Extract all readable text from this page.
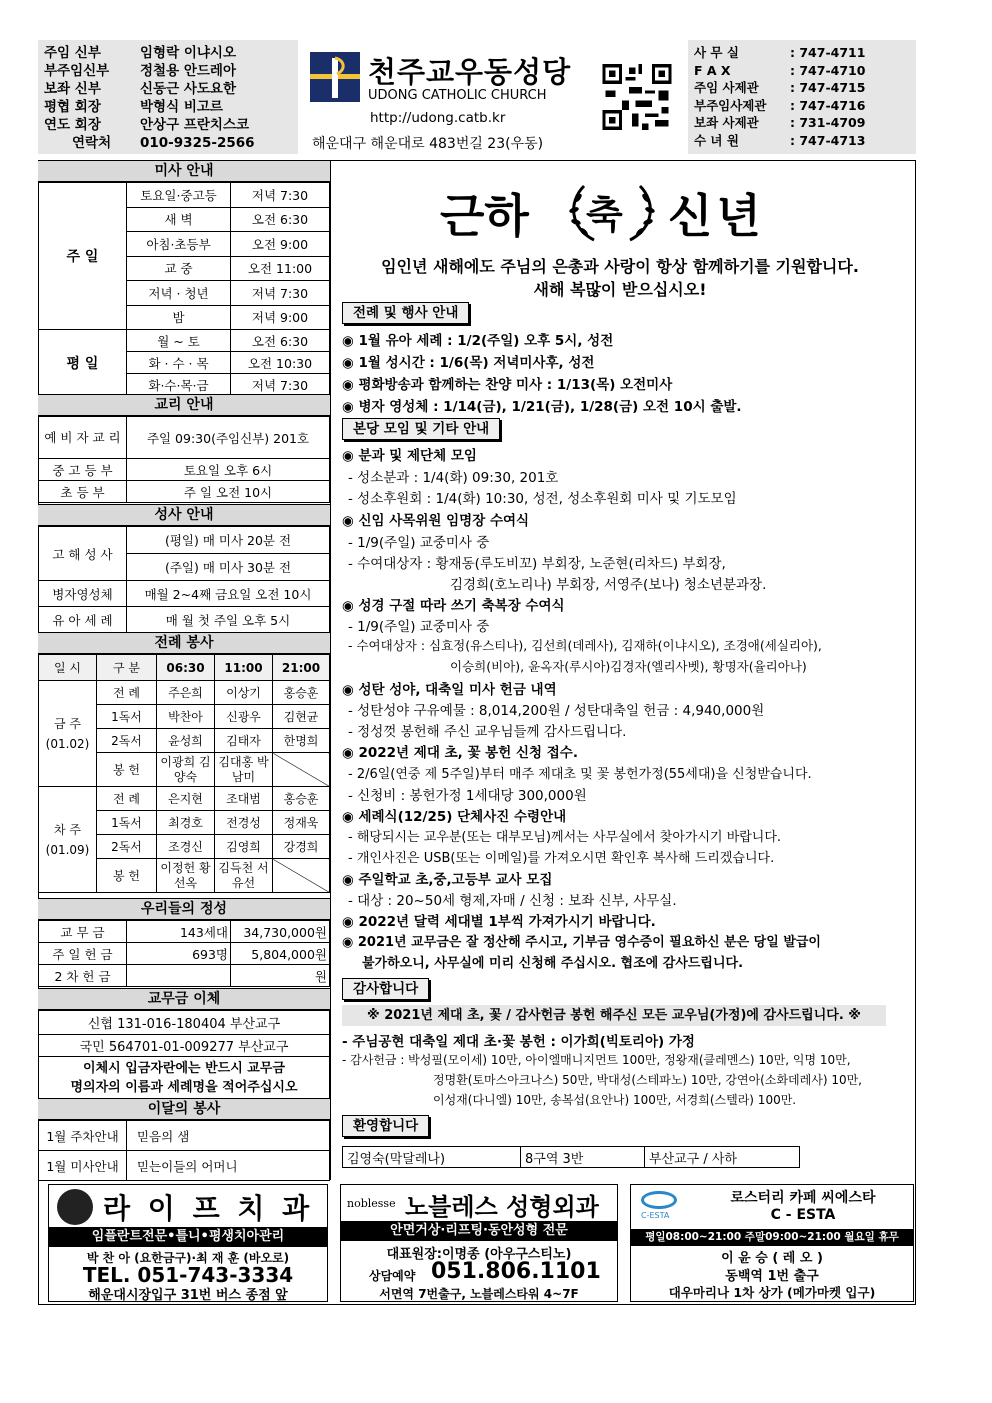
주임 신부	임형락 이냐시오
부주임신부 정철용 안드레아
보좌 신부	신동근 사도요한
평협 회장	박형식 비고르
연도 회장	안상구 프란치스코
연락처 010-9325-2566
천주교우동성당
UDONG CATHOLIC CHURCH
http://udong.catb.kr
해운대구 해운대로 483번길 23(우동)
사 무 실	: 747-4711
F A X	: 747-4710
주임 사제관	: 747-4715
부주임사제관 : 747-4716
보좌 사제관	: 731-4709
수 녀 원	: 747-4713
미사 안내
주 일	토요일·중고등	저녁 7:30
	새 벽	오전 6:30
	아침·초등부	오전 9:00
	교 중	오전 11:00
	저녁 · 청년	저녁 7:30
	밤	저녁 9:00
평 일	월 ~ 토	오전 6:30
	화 · 수 · 목	오전 10:30
	화·수·목·금	저녁 7:30
교리 안내
예 비 자 교 리	주일 09:30(주임신부) 201호
중 고 등 부	토요일 오후 6시
초 등 부	주 일 오전 10시
성사 안내
고 해 성 사	(평일) 매 미사 20분 전
	(주일) 매 미사 30분 전
병자영성체	매월 2~4째 금요일 오전 10시
유 아 세 례	매 월 첫 주일 오후 5시
전례 봉사
일 시	구 분	06:30	11:00	21:00

금 주
(01.02)	전 례	주은희	이상기	홍승훈
	1독서	박찬아	신광우	김현균
	2독서	윤성희	김태자	한명희
	봉 헌	이광희 김양숙	김대홍 박남미	

차 주
(01.09)	전 례	은지현	조대범	홍승훈
	1독서	최경호	전경성	정재욱
	2독서	조경신	김영희	강경희
	봉 헌	이정헌 황선옥	김득천 서유선	
우리들의 정성
교 무 금	143세대	34,730,000원
주 일 헌 금	693명	5,804,000원
2 차 헌 금		원
교무금 이체
신협 131-016-180404 부산교구
국민 564701-01-009277 부산교구

이체시 입금자란에는 반드시 교무금
명의자의 이름과 세례명을 적어주십시오
이달의 봉사
1월 주차안내	믿음의 샘
1월 미사안내	믿는이들의 어머니
근하 축 신년
임인년 새해에도 주님의 은총과 사랑이 항상 함께하기를 기원합니다.
새해 복많이 받으십시오!
전례 및 행사 안내
◉ 1월 유아 세례 : 1/2(주일) 오후 5시, 성전
◉ 1월 성시간 : 1/6(목) 저녁미사후, 성전
◉ 평화방송과 함께하는 찬양 미사 : 1/13(목) 오전미사
◉ 병자 영성체 : 1/14(금), 1/21(금), 1/28(금) 오전 10시 출발.
본당 모임 및 기타 안내
◉ 분과 및 제단체 모임
- 성소분과 : 1/4(화) 09:30, 201호
- 성소후원회 : 1/4(화) 10:30, 성전, 성소후원회 미사 및 기도모임
◉ 신임 사목위원 임명장 수여식
- 1/9(주일) 교중미사 중
- 수여대상자 : 황재동(루도비꼬) 부회장, 노준현(리차드) 부회장,
김경희(호노리나) 부회장, 서영주(보나) 청소년분과장.
◉ 성경 구절 따라 쓰기 축복장 수여식
- 1/9(주일) 교중미사 중
- 수여대상자 : 심효정(유스티나), 김선희(데레사), 김재하(이냐시오), 조경애(세실리아),
이승희(비아), 윤옥자(루시아)김경자(엘리사벳), 황명자(율리아나)
◉ 성탄 성야, 대축일 미사 헌금 내역
- 성탄성야 구유예물 : 8,014,200원 / 성탄대축일 헌금 : 4,940,000원
- 정성껏 봉헌해 주신 교우님들께 감사드립니다.
◉ 2022년 제대 초, 꽃 봉헌 신청 접수.
- 2/6일(연중 제 5주일)부터 매주 제대초 및 꽃 봉헌가정(55세대)을 신청받습니다.
- 신청비 : 봉헌가정 1세대당 300,000원
◉ 세례식(12/25) 단체사진 수령안내
- 해당되시는 교우분(또는 대부모님)께서는 사무실에서 찾아가시기 바랍니다.
- 개인사진은 USB(또는 이메일)를 가져오시면 확인후 복사해 드리겠습니다.
◉ 주일학교 초,중,고등부 교사 모집
- 대상 : 20~50세 형제,자매 / 신청 : 보좌 신부, 사무실.
◉ 2022년 달력 세대별 1부씩 가져가시기 바랍니다.
◉ 2021년 교무금은 잘 정산해 주시고, 기부금 영수증이 필요하신 분은 당일 발급이
불가하오니, 사무실에 미리 신청해 주십시오. 협조에 감사드립니다.
감사합니다
※ 2021년 제대 초, 꽃 / 감사헌금 봉헌 해주신 모든 교우님(가정)에 감사드립니다. ※
- 주님공현 대축일 제대 초·꽃 봉헌 : 이가희(빅토리아) 가정
- 감사헌금 : 박성필(모이세) 10만, 아이엘매니지먼트 100만, 정왕재(클레멘스) 10만, 익명 10만,
정명환(토마스아크나스) 50만, 박대성(스테파노) 10만, 강연아(소화데레사) 10만,
이성재(다니엘) 10만, 송복섭(요안나) 100만, 서경희(스텔라) 100만.
환영합니다
김영숙(막달레나)	8구역 3반	부산교구 / 사하
라 이 프 치 과
임플란트전문•틀니•평생치아관리
박 찬 아 (요한금구)·최 재 훈 (바오로)
TEL. 051-743-3334
해운대시장입구 31번 버스 종점 앞
noblesse 노블레스 성형외과
안면거상·리프팅·동안성형 전문
대표원장:이명종 (아우구스티노)
상담예약 051.806.1101
서면역 7번출구, 노블레스타워 4~7F
C-ESTA
로스터리 카페 씨에스타
C - ESTA
평일08:00~21:00 주말09:00~21:00 월요일 휴무
이 윤 승 ( 레 오 )
동백역 1번 출구
대우마리나 1차 상가 (메가마켓 입구)
